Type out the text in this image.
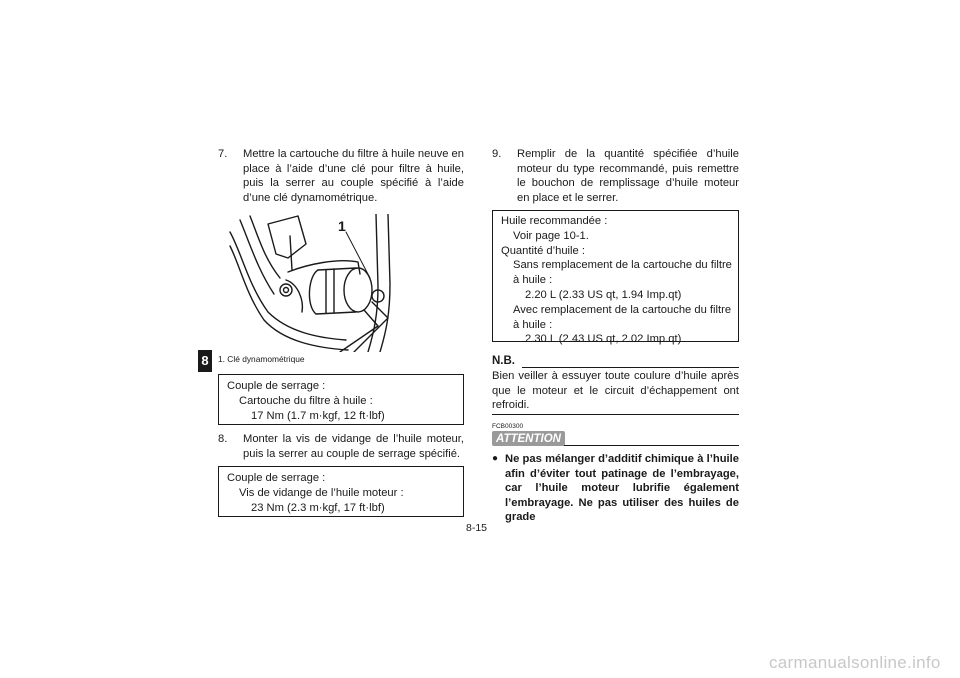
8
7. Mettre la cartouche du filtre à huile neuve en place à l’aide d’une clé pour filtre à huile, puis la serrer au couple spécifié à l’aide d’une clé dynamométrique.
1
1. Clé dynamométrique
Couple de serrage :
Cartouche du filtre à huile :
17 Nm (1.7 m·kgf, 12 ft·lbf)
8. Monter la vis de vidange de l’huile moteur, puis la serrer au couple de serrage spécifié.
Couple de serrage :
Vis de vidange de l’huile moteur :
23 Nm (2.3 m·kgf, 17 ft·lbf)
9. Remplir de la quantité spécifiée d’huile moteur du type recommandé, puis remettre le bouchon de remplissage d’huile moteur en place et le serrer.
Huile recommandée :
Voir page 10-1.
Quantité d’huile :
Sans remplacement de la cartouche du filtre
à huile :
2.20 L (2.33 US qt, 1.94 Imp.qt)
Avec remplacement de la cartouche du filtre
à huile :
2.30 L (2.43 US qt, 2.02 Imp.qt)
N.B.
Bien veiller à essuyer toute coulure d’huile après que le moteur et le circuit d’échappement ont refroidi.
FCB00300
ATTENTION
● Ne pas mélanger d’additif chimique à l’huile afin d’éviter tout patinage de l’embrayage, car l’huile moteur lubrifie également l’embrayage. Ne pas utiliser des huiles de grade
8-15
carmanualsonline.info
